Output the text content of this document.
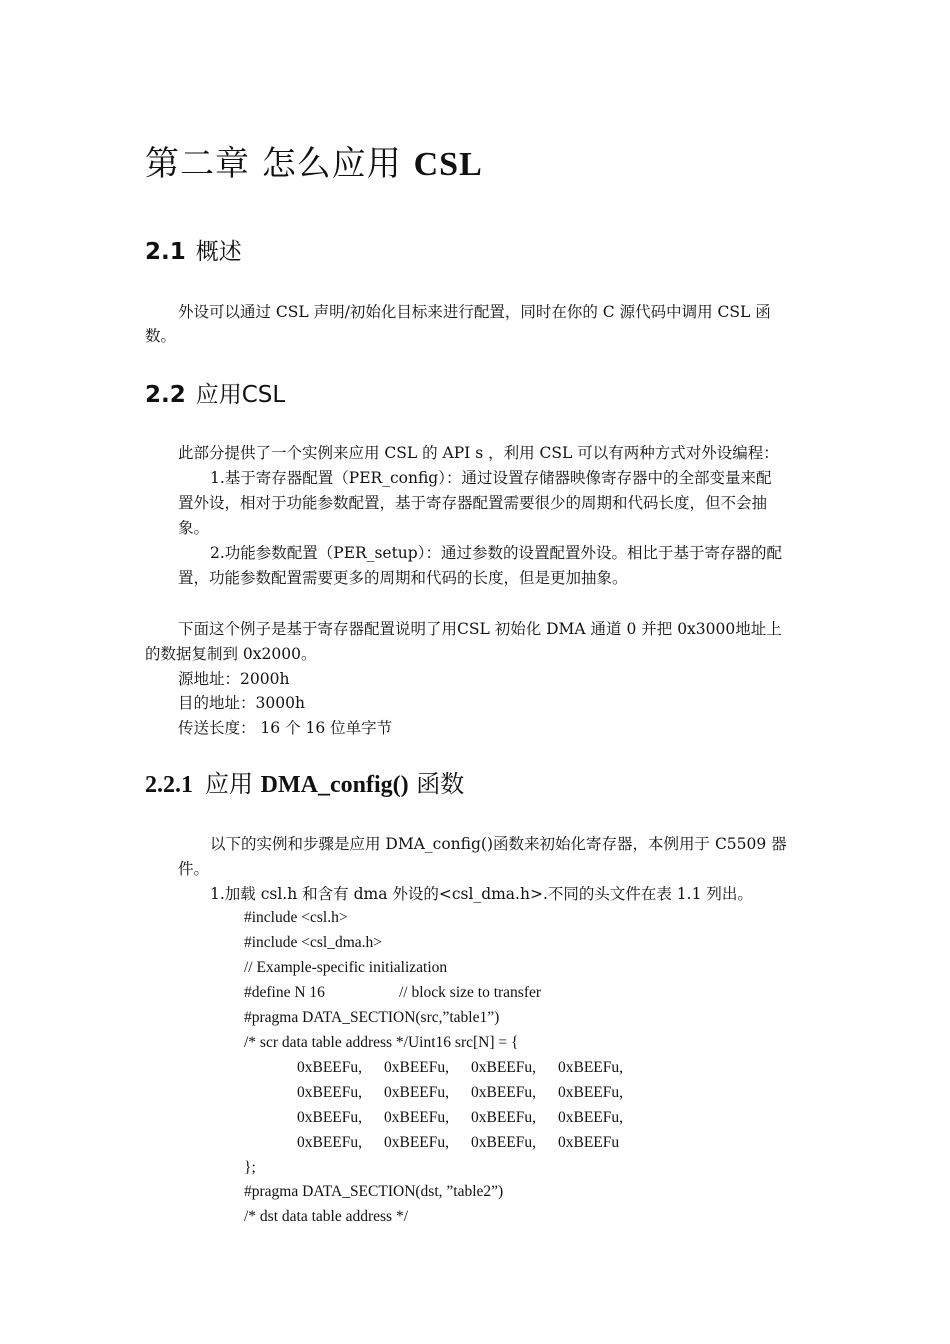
第二章 怎么应用 CSL
2.1 概述
外设可以通过 CSL 声明/初始化目标来进行配置，同时在你的 C 源代码中调用 CSL 函
数。
2.2 应用CSL
此部分提供了一个实例来应用 CSL 的 API s ，利用 CSL 可以有两种方式对外设编程：
1.基于寄存器配置（PER_config）：通过设置存储器映像寄存器中的全部变量来配
置外设，相对于功能参数配置，基于寄存器配置需要很少的周期和代码长度，但不会抽
象。
2.功能参数配置（PER_setup）：通过参数的设置配置外设。相比于基于寄存器的配
置，功能参数配置需要更多的周期和代码的长度，但是更加抽象。
下面这个例子是基于寄存器配置说明了用CSL 初始化 DMA 通道 0 并把 0x3000地址上
的数据复制到 0x2000。
源地址：2000h
目的地址：3000h
传送长度： 16 个 16 位单字节
2.2.1 应用 DMA_config() 函数
以下的实例和步骤是应用 DMA_config()函数来初始化寄存器，本例用于 C5509 器
件。
1.加载 csl.h 和含有 dma 外设的<csl_dma.h>.不同的头文件在表 1.1 列出。
#include <csl.h>
#include <csl_dma.h>
// Example-specific initialization
#define N 16	// block size to transfer
#pragma DATA_SECTION(src,”table1”)
/* scr data table address */Uint16 src[N] = {
0xBEEFu, 0xBEEFu, 0xBEEFu, 0xBEEFu,
0xBEEFu, 0xBEEFu, 0xBEEFu, 0xBEEFu,
0xBEEFu, 0xBEEFu, 0xBEEFu, 0xBEEFu,
0xBEEFu, 0xBEEFu, 0xBEEFu, 0xBEEFu
};
#pragma DATA_SECTION(dst, ”table2”)
/* dst data table address */
